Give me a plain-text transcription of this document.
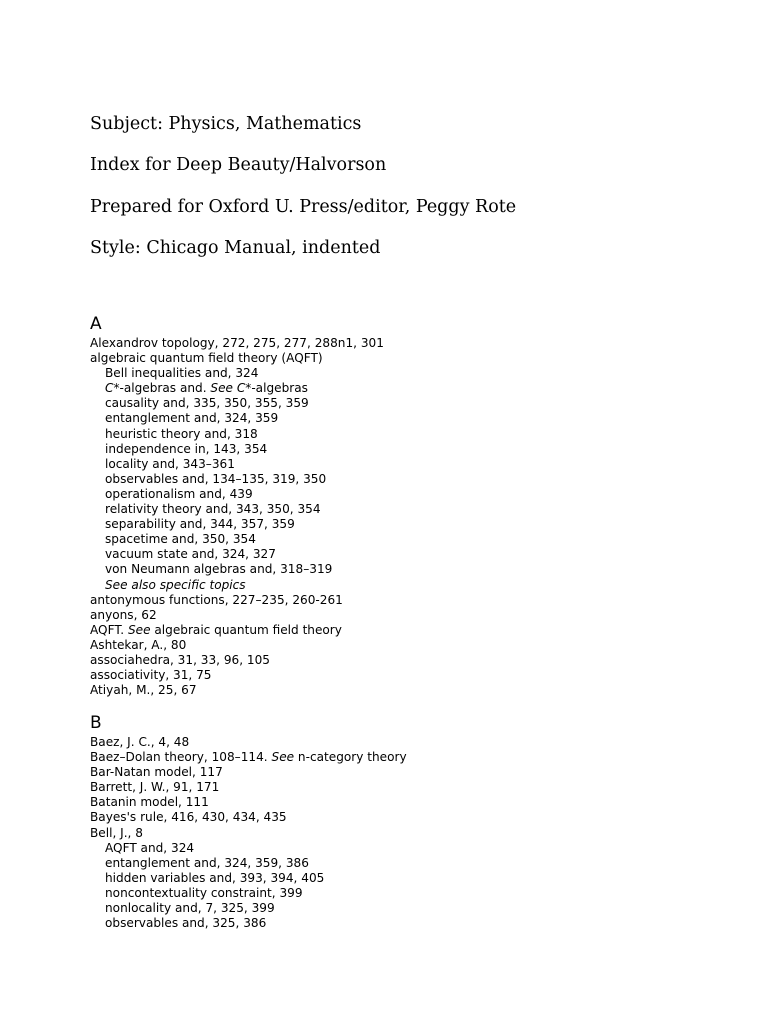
Subject: Physics, Mathematics

Index for Deep Beauty/Halvorson

Prepared for Oxford U. Press/editor, Peggy Rote

Style: Chicago Manual, indented

A

Alexandrov topology, 272, 275, 277, 288n1, 301
algebraic quantum field theory (AQFT)
Bell inequalities and, 324
C*-algebras and. See C*-algebras
causality and, 335, 350, 355, 359
entanglement and, 324, 359
heuristic theory and, 318
independence in, 143, 354
locality and, 343–361
observables and, 134–135, 319, 350
operationalism and, 439
relativity theory and, 343, 350, 354
separability and, 344, 357, 359
spacetime and, 350, 354
vacuum state and, 324, 327
von Neumann algebras and, 318–319
See also specific topics
antonymous functions, 227–235, 260-261
anyons, 62
AQFT. See algebraic quantum field theory
Ashtekar, A., 80
associahedra, 31, 33, 96, 105
associativity, 31, 75
Atiyah, M., 25, 67

B

Baez, J. C., 4, 48
Baez–Dolan theory, 108–114. See n-category theory
Bar-Natan model, 117
Barrett, J. W., 91, 171
Batanin model, 111
Bayes's rule, 416, 430, 434, 435
Bell, J., 8
AQFT and, 324
entanglement and, 324, 359, 386
hidden variables and, 393, 394, 405
noncontextuality constraint, 399
nonlocality and, 7, 325, 399
observables and, 325, 386
